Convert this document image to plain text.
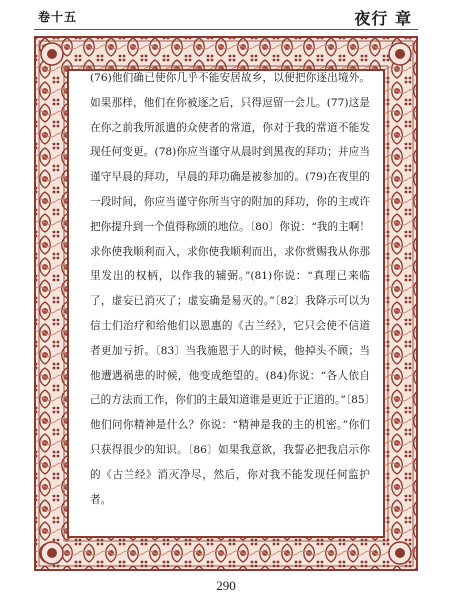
卷十五	夜行 章
(76)他们确已使你几乎不能安居故乡，以便把你逐出境外。如果那样，他们在你被逐之后，只得逗留一会儿。(77)这是在你之前我所派遣的众使者的常道，你对于我的常道不能发现任何变更。(78)你应当谨守从晨时到黑夜的拜功；并应当谨守早晨的拜功，早晨的拜功确是被参加的。(79)在夜里的一段时间，你应当谨守你所当守的附加的拜功，你的主或许把你提升到一个值得称颂的地位。〔80〕你说：“我的主啊！求你使我顺利而入，求你使我顺利而出，求你赏赐我从你那里发出的权柄，以作我的辅弼。”(81)你说：“真理已来临了，虚妄已消灭了；虚妄确是易灭的。”〔82〕我降示可以为信士们治疗和给他们以恩惠的《古兰经》，它只会使不信道者更加亏折。〔83〕当我施恩于人的时候，他掉头不顾；当他遭遇祸患的时候，他变成绝望的。(84)你说：“各人依自己的方法而工作，你们的主最知道谁是更近于正道的。”〔85〕他们问你精神是什么？你说：“精神是我的主的机密。”你们只获得很少的知识。〔86〕如果我意欲，我誓必把我启示你的《古兰经》消灭净尽，然后，你对我不能发现任何监护者。
290
